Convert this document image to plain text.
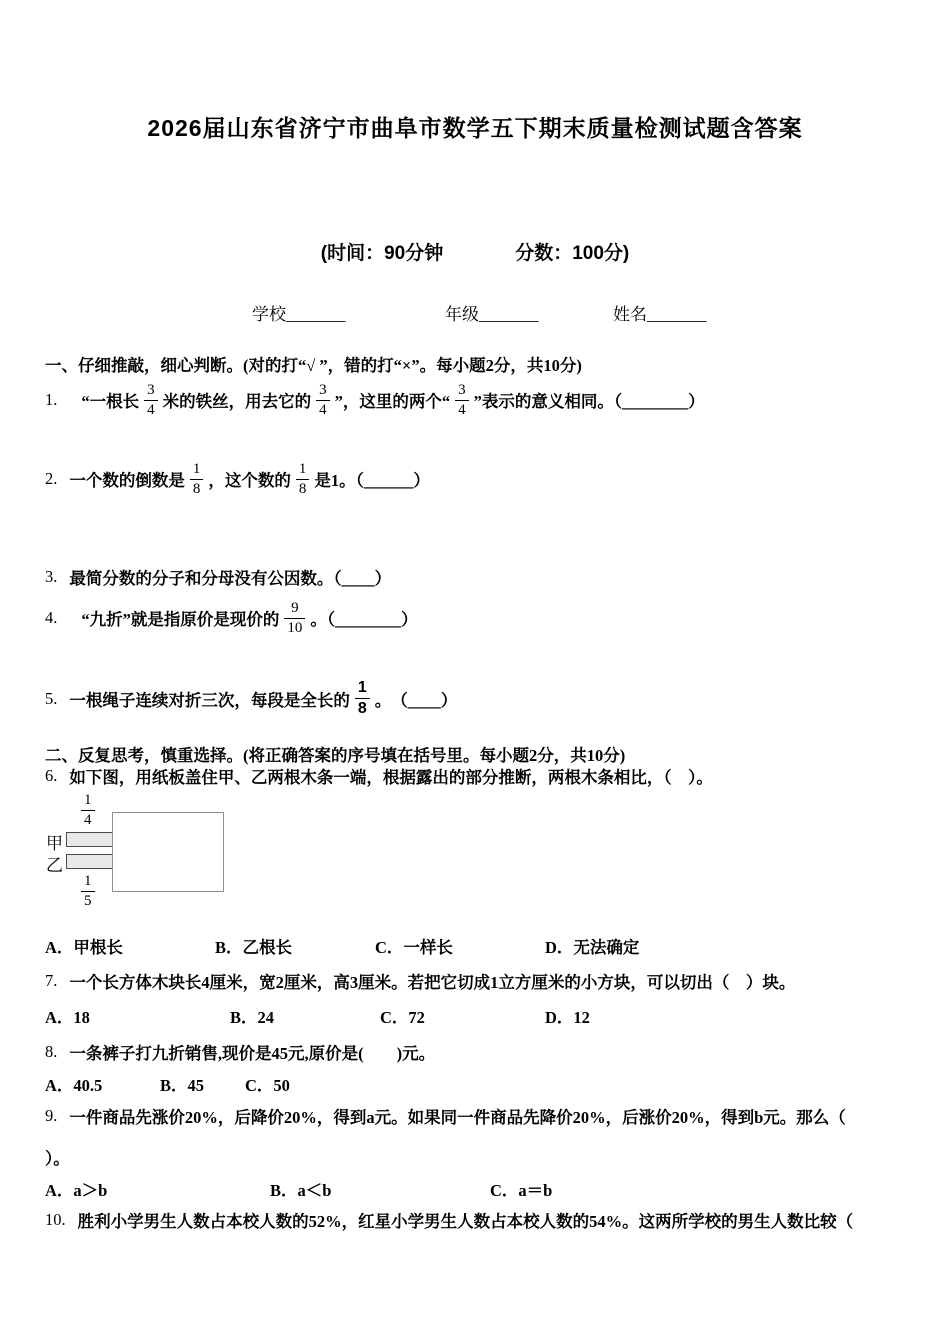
2026届山东省济宁市曲阜市数学五下期末质量检测试题含答案
(时间：90分钟	分数：100分)
学校_______	年级_______	姓名_______
一、仔细推敲，细心判断。(对的打“√ ”，错的打“×”。每小题2分，共10分)
1. “一根长 $\frac{3}{4}$ 米的铁丝，用去它的 $\frac{3}{4}$ ”，这里的两个“ $\frac{3}{4}$ ”表示的意义相同。（________）
2. 一个数的倒数是 $\frac{1}{8}$ ，这个数的 $\frac{1}{8}$ 是1。（______）
3. 最简分数的分子和分母没有公因数。（____）
4. “九折”就是指原价是现价的 $\frac{9}{10}$ 。（________）
5. 一根绳子连续对折三次，每段是全长的 $\frac{1}{8}$ 。　（____）
二、反复思考，慎重选择。(将正确答案的序号填在括号里。每小题2分，共10分)
6. 如下图，用纸板盖住甲、乙两根木条一端，根据露出的部分推断，两根木条相比，（　）。
$\frac{1}{4}$
甲
乙
$\frac{1}{5}$
A．甲根长	B．乙根长	C．一样长	D．无法确定
7. 一个长方体木块长4厘米，宽2厘米，高3厘米。若把它切成1立方厘米的小方块，可以切出（　）块。
A．18	B．24	C．72	D．12
8. 一条裤子打九折销售,现价是45元,原价是(　　)元。
A．40.5	B．45 C．50
9. 一件商品先涨价20%，后降价20%，得到a元。如果同一件商品先降价20%，后涨价20%，得到b元。那么（
）。
A．a＞b	B．a＜b	C．a＝b
10. 胜利小学男生人数占本校人数的52%，红星小学男生人数占本校人数的54%。这两所学校的男生人数比较（
